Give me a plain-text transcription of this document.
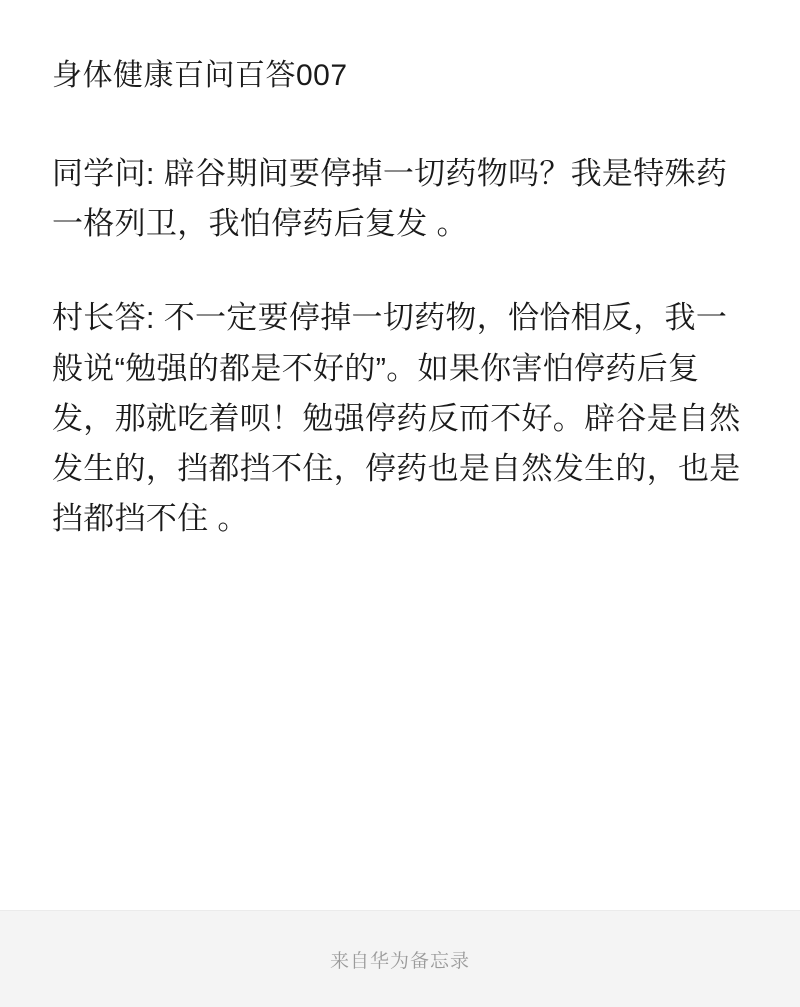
身体健康百问百答007

同学问: 辟谷期间要停掉一切药物吗？我是特殊药一格列卫，我怕停药后复发 。

村长答: 不一定要停掉一切药物，恰恰相反，我一般说“勉强的都是不好的”。如果你害怕停药后复发，那就吃着呗！勉强停药反而不好。辟谷是自然发生的，挡都挡不住，停药也是自然发生的，也是挡都挡不住 。

来自华为备忘录
